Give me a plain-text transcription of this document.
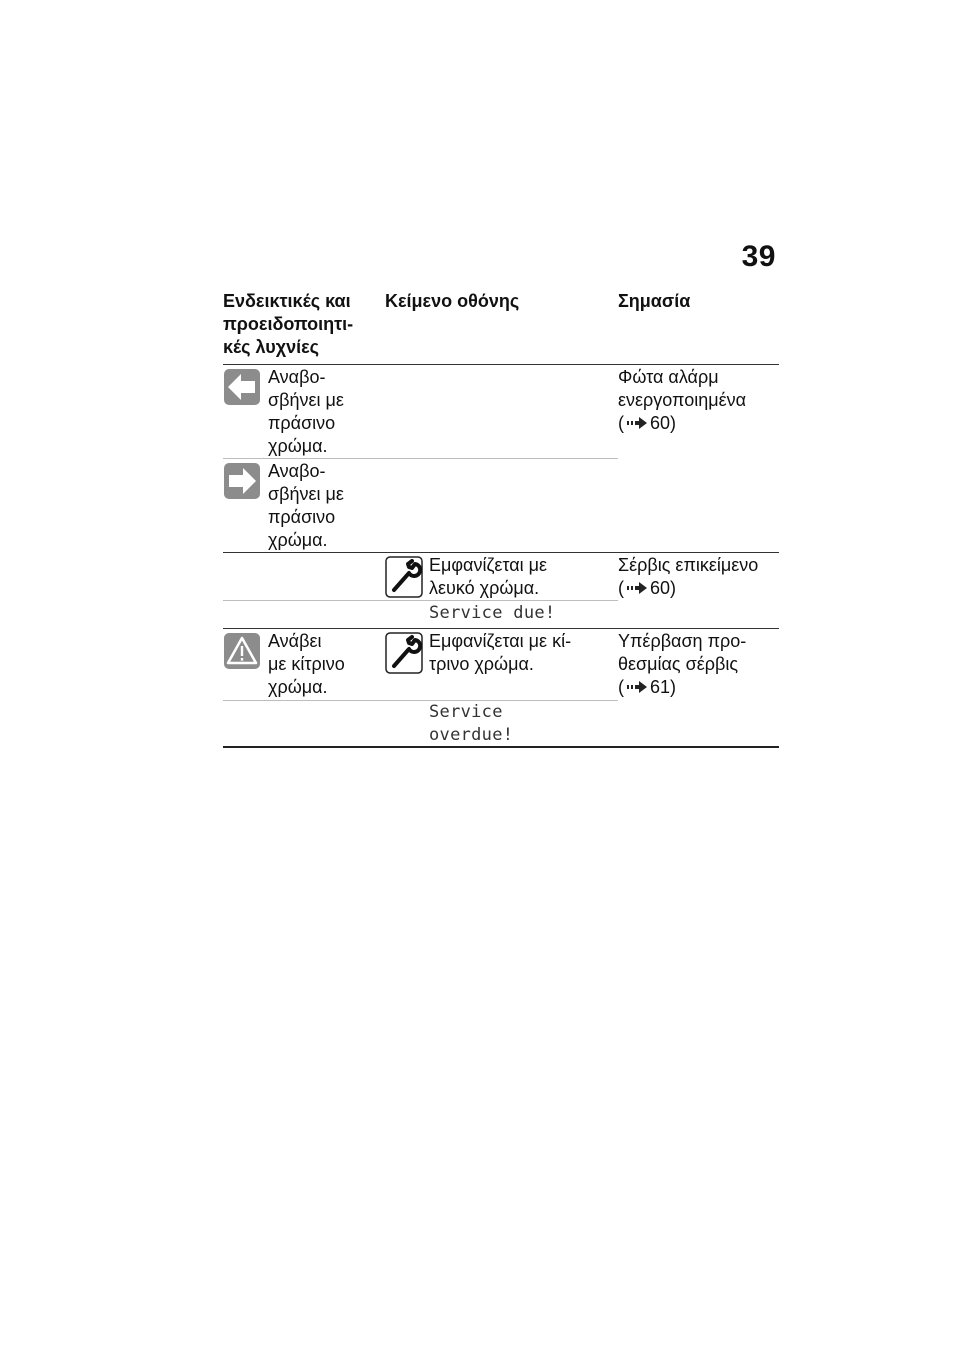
39
Ενδεικτικές και
προειδοποιητι-
κές λυχνίες
Κείμενο οθόνης	Σημασία
Αναβο-
σβήνει με
πράσινο
χρώμα.
Φώτα αλάρμ
ενεργοποιημένα
( 60)
Αναβο-
σβήνει με
πράσινο
χρώμα.
Εμφανίζεται με
λευκό χρώμα.
Σέρβις επικείμενο
( 60)
Service due!
Ανάβει
με κίτρινο
χρώμα.
Εμφανίζεται με κί-
τρινο χρώμα.
Υπέρβαση προ-
θεσμίας σέρβις
( 61)
Service
overdue!
